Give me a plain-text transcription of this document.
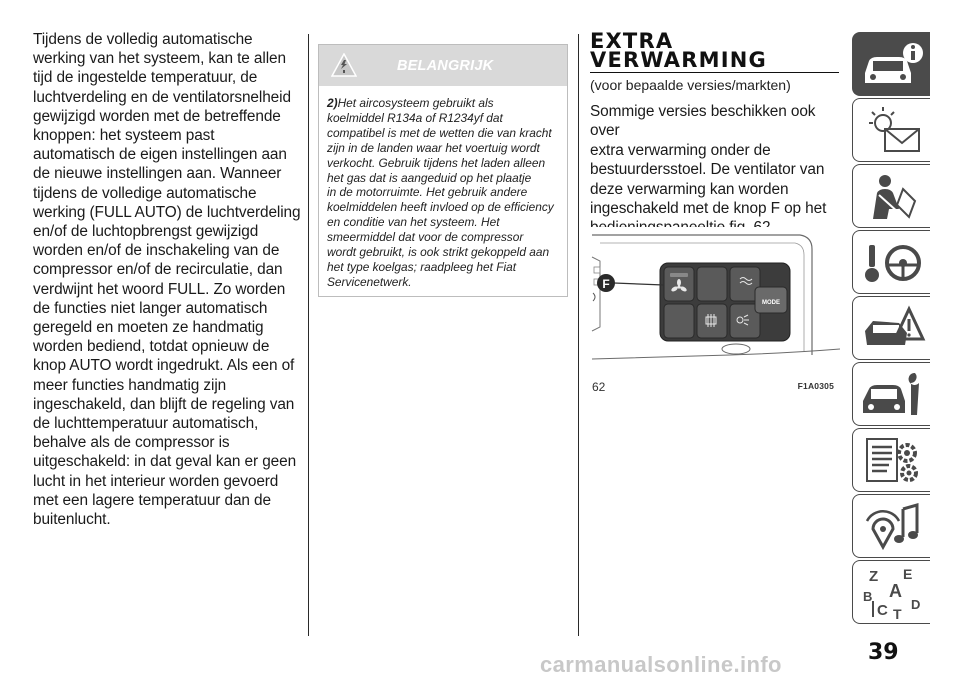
Tijdens de volledig automatische
werking van het systeem, kan te allen
tijd de ingestelde temperatuur, de
luchtverdeling en de ventilatorsnelheid
gewijzigd worden met de betreffende
knoppen: het systeem past
automatisch de eigen instellingen aan
de nieuwe instellingen aan. Wanneer
tijdens de volledige automatische
werking (FULL AUTO) de luchtverdeling
en/of de luchtopbrengst gewijzigd
worden en/of de inschakeling van de
compressor en/of de recirculatie, dan
verdwijnt het woord FULL. Zo worden
de functies niet langer automatisch
geregeld en moeten ze handmatig
worden bediend, totdat opnieuw de
knop AUTO wordt ingedrukt. Als een of
meer functies handmatig zijn
ingeschakeld, dan blijft de regeling van
de luchttemperatuur automatisch,
behalve als de compressor is
uitgeschakeld: in dat geval kan er geen
lucht in het interieur worden gevoerd
met een lagere temperatuur dan de
buitenlucht.
BELANGRIJK
2)Het aircosysteem gebruikt als
koelmiddel R134a of R1234yf dat
compatibel is met de wetten die van kracht
zijn in de landen waar het voertuig wordt
verkocht. Gebruik tijdens het laden alleen
het gas dat is aangeduid op het plaatje
in de motorruimte. Het gebruik andere
koelmiddelen heeft invloed op de efficiency
en conditie van het systeem. Het
smeermiddel dat voor de compressor
wordt gebruikt, is ook strikt gekoppeld aan
het type koelgas; raadpleeg het Fiat
Servicenetwerk.
EXTRA
VERWARMING
(voor bepaalde versies/markten)
Sommige versies beschikken ook over
extra verwarming onder de
bestuurdersstoel. De ventilator van
deze verwarming kan worden
ingeschakeld met de knop F op het
MODE
F
62	F1A0305
Z E
A
B
C D
T
39
carmanualsonline.info
